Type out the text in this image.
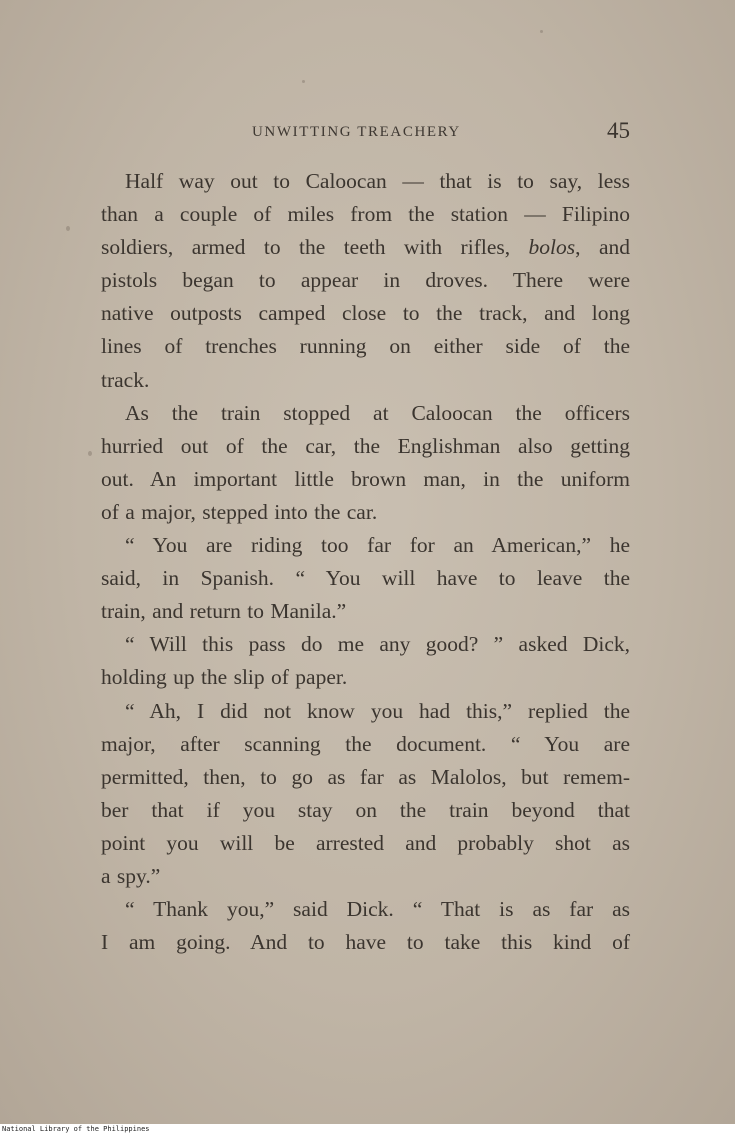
UNWITTING TREACHERY	45
Half way out to Caloocan — that is to say, less
than a couple of miles from the station — Filipino
soldiers, armed to the teeth with rifles, bolos, and
pistols began to appear in droves. There were
native outposts camped close to the track, and long
lines of trenches running on either side of the
track.
As the train stopped at Caloocan the officers
hurried out of the car, the Englishman also getting
out. An important little brown man, in the uniform
of a major, stepped into the car.
“ You are riding too far for an American,” he
said, in Spanish. “ You will have to leave the
train, and return to Manila.”
“ Will this pass do me any good? ” asked Dick,
holding up the slip of paper.
“ Ah, I did not know you had this,” replied the
major, after scanning the document. “ You are
permitted, then, to go as far as Malolos, but remem-
ber that if you stay on the train beyond that
point you will be arrested and probably shot as
a spy.”
“ Thank you,” said Dick. “ That is as far as
I am going. And to have to take this kind of
National Library of the Philippines
